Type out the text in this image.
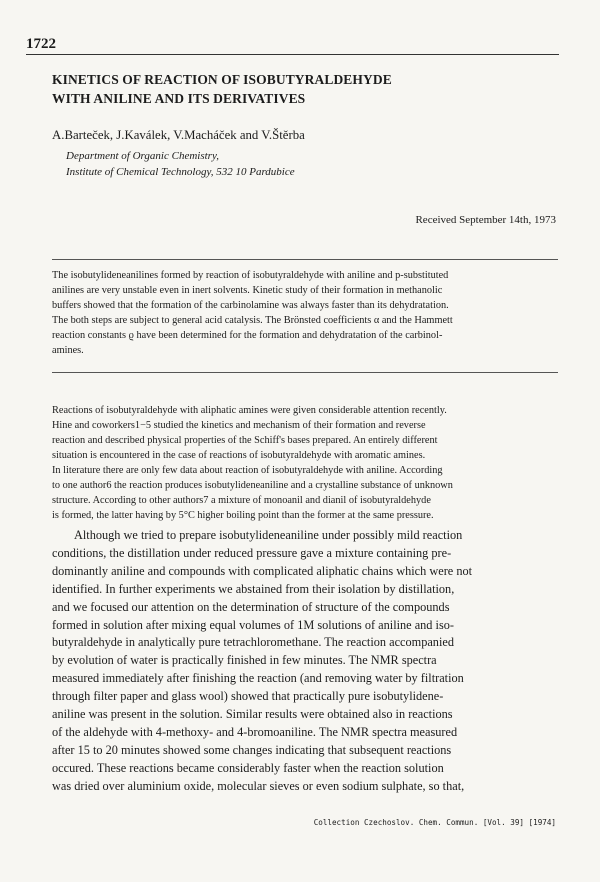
1722
KINETICS OF REACTION OF ISOBUTYRALDEHYDE
WITH ANILINE AND ITS DERIVATIVES
A.Bartеček, J.Kaválek, V.Macháček and V.Štěrba
Department of Organic Chemistry,
Institute of Chemical Technology, 532 10 Pardubice
Received September 14th, 1973
The isobutylideneanilines formed by reaction of isobutyraldehyde with aniline and p-substituted
anilines are very unstable even in inert solvents. Kinetic study of their formation in methanolic
buffers showed that the formation of the carbinolamine was always faster than its dehydratation.
The both steps are subject to general acid catalysis. The Brönsted coefficients α and the Hammett
reaction constants ϱ have been determined for the formation and dehydratation of the carbinol-
amines.
Reactions of isobutyraldehyde with aliphatic amines were given considerable attention recently.
Hine and coworkers1−5 studied the kinetics and mechanism of their formation and reverse
reaction and described physical properties of the Schiff's bases prepared. An entirely different
situation is encountered in the case of reactions of isobutyraldehyde with aromatic amines.
In literature there are only few data about reaction of isobutyraldehyde with aniline. According
to one author6 the reaction produces isobutylideneaniline and a crystalline substance of unknown
structure. According to other authors7 a mixture of monoanil and dianil of isobutyraldehyde
is formed, the latter having by 5°C higher boiling point than the former at the same pressure.
Although we tried to prepare isobutylideneaniline under possibly mild reaction
conditions, the distillation under reduced pressure gave a mixture containing pre-
dominantly aniline and compounds with complicated aliphatic chains which were not
identified. In further experiments we abstained from their isolation by distillation,
and we focused our attention on the determination of structure of the compounds
formed in solution after mixing equal volumes of 1M solutions of aniline and iso-
butyraldehyde in analytically pure tetrachloromethane. The reaction accompanied
by evolution of water is practically finished in few minutes. The NMR spectra
measured immediately after finishing the reaction (and removing water by filtration
through filter paper and glass wool) showed that practically pure isobutylidene-
aniline was present in the solution. Similar results were obtained also in reactions
of the aldehyde with 4-methoxy- and 4-bromoaniline. The NMR spectra measured
after 15 to 20 minutes showed some changes indicating that subsequent reactions
occured. These reactions became considerably faster when the reaction solution
was dried over aluminium oxide, molecular sieves or even sodium sulphate, so that,
Collection Czechoslov. Chem. Commun. [Vol. 39] [1974]
